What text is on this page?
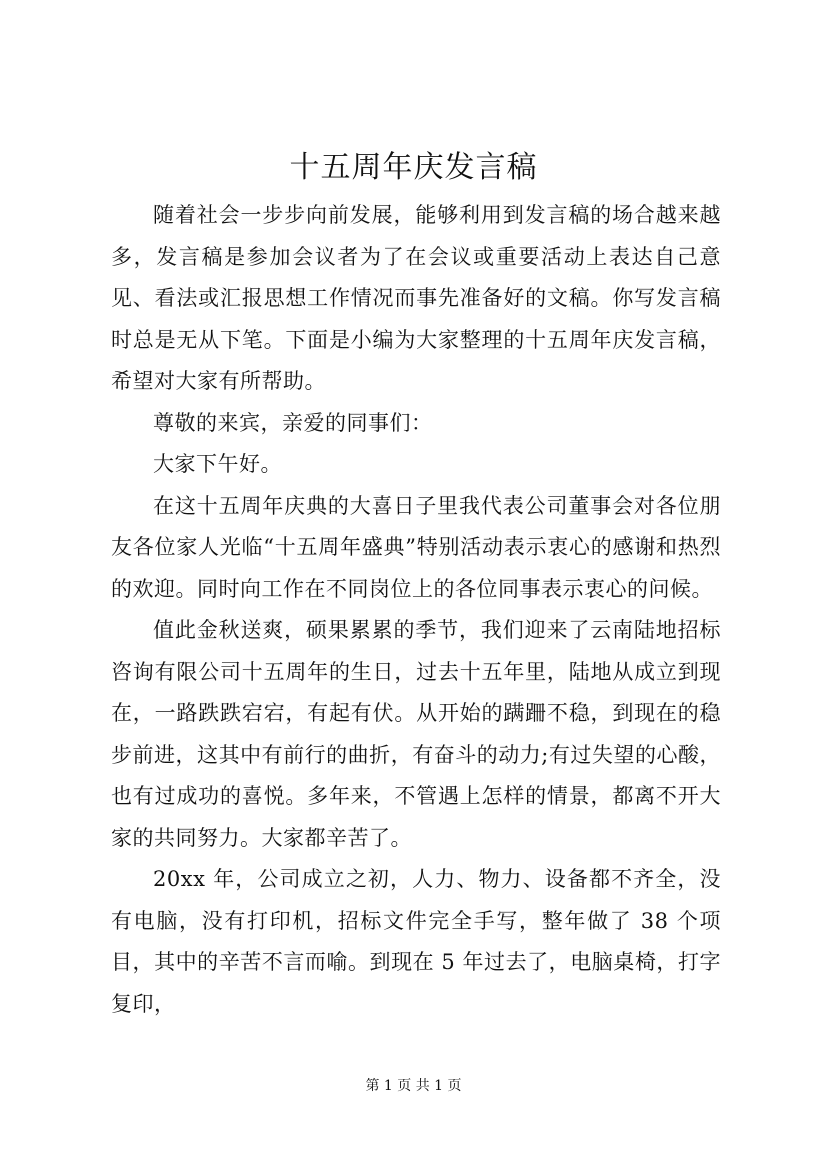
十五周年庆发言稿

随着社会一步步向前发展，能够利用到发言稿的场合越来越多，发言稿是参加会议者为了在会议或重要活动上表达自己意见、看法或汇报思想工作情况而事先准备好的文稿。你写发言稿时总是无从下笔。下面是小编为大家整理的十五周年庆发言稿，希望对大家有所帮助。

尊敬的来宾，亲爱的同事们：

大家下午好。

在这十五周年庆典的大喜日子里我代表公司董事会对各位朋友各位家人光临“十五周年盛典”特别活动表示衷心的感谢和热烈的欢迎。同时向工作在不同岗位上的各位同事表示衷心的问候。

值此金秋送爽，硕果累累的季节，我们迎来了云南陆地招标咨询有限公司十五周年的生日，过去十五年里，陆地从成立到现在，一路跌跌宕宕，有起有伏。从开始的蹒跚不稳，到现在的稳步前进，这其中有前行的曲折，有奋斗的动力;有过失望的心酸，也有过成功的喜悦。多年来，不管遇上怎样的情景，都离不开大家的共同努力。大家都辛苦了。

20xx 年，公司成立之初，人力、物力、设备都不齐全，没有电脑，没有打印机，招标文件完全手写，整年做了 38 个项目，其中的辛苦不言而喻。到现在 5 年过去了，电脑桌椅，打字复印，

第 1 页 共 1 页
